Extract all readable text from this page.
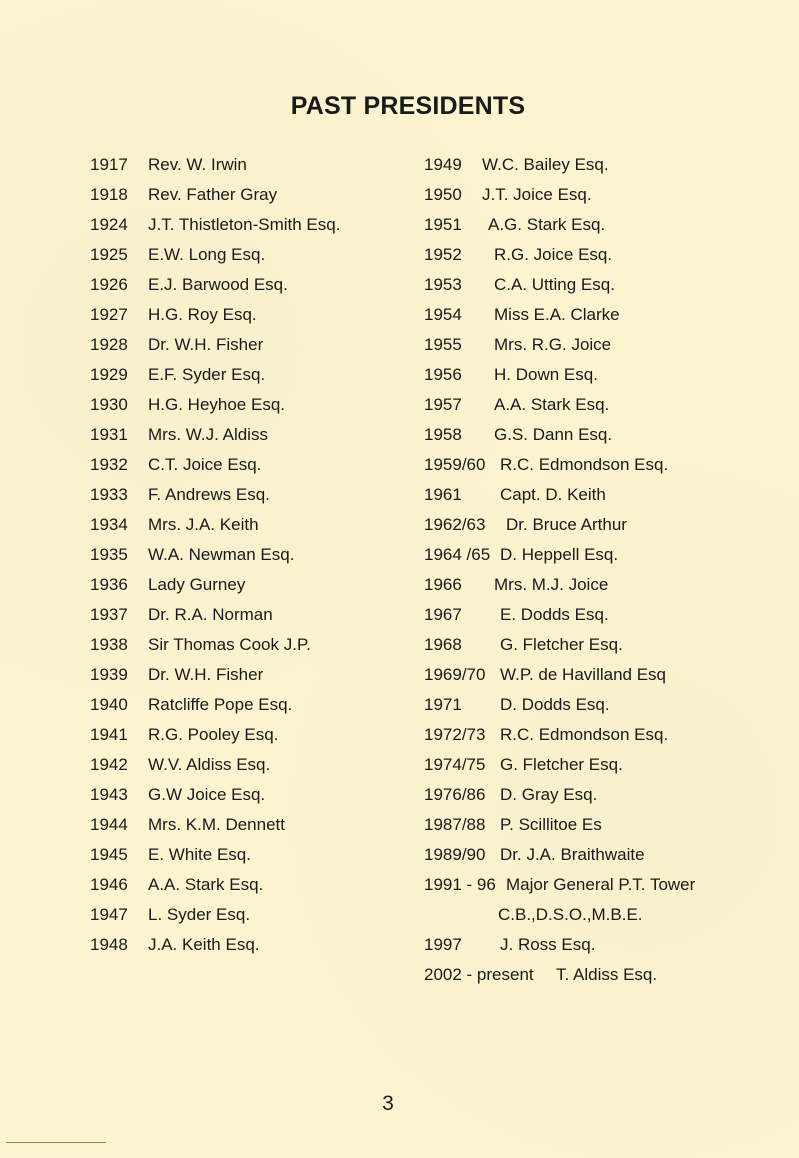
PAST PRESIDENTS
1917 Rev. W. Irwin
1918 Rev. Father Gray
1924 J.T. Thistleton-Smith Esq.
1925 E.W. Long Esq.
1926 E.J. Barwood Esq.
1927 H.G. Roy Esq.
1928 Dr. W.H. Fisher
1929 E.F. Syder Esq.
1930 H.G. Heyhoe Esq.
1931 Mrs. W.J. Aldiss
1932 C.T. Joice Esq.
1933 F. Andrews Esq.
1934 Mrs. J.A. Keith
1935 W.A. Newman Esq.
1936 Lady Gurney
1937 Dr. R.A. Norman
1938 Sir Thomas Cook J.P.
1939 Dr. W.H. Fisher
1940 Ratcliffe Pope Esq.
1941 R.G. Pooley Esq.
1942 W.V. Aldiss Esq.
1943 G.W Joice Esq.
1944 Mrs. K.M. Dennett
1945 E. White Esq.
1946 A.A. Stark Esq.
1947 L. Syder Esq.
1948 J.A. Keith Esq.
1949 W.C. Bailey Esq.
1950 J.T. Joice Esq.
1951 A.G. Stark Esq.
1952 R.G. Joice Esq.
1953 C.A. Utting Esq.
1954 Miss E.A. Clarke
1955 Mrs. R.G. Joice
1956 H. Down Esq.
1957 A.A. Stark Esq.
1958 G.S. Dann Esq.
1959/60 R.C. Edmondson Esq.
1961 Capt. D. Keith
1962/63 Dr. Bruce Arthur
1964 /65 D. Heppell Esq.
1966 Mrs. M.J. Joice
1967 E. Dodds Esq.
1968 G. Fletcher Esq.
1969/70 W.P. de Havilland Esq
1971 D. Dodds Esq.
1972/73 R.C. Edmondson Esq.
1974/75 G. Fletcher Esq.
1976/86 D. Gray Esq.
1987/88 P. Scillitoe Es
1989/90 Dr. J.A. Braithwaite
1991 - 96 Major General P.T. Tower
C.B.,D.S.O.,M.B.E.
1997 J. Ross Esq.
2002 - present T. Aldiss Esq.
3
